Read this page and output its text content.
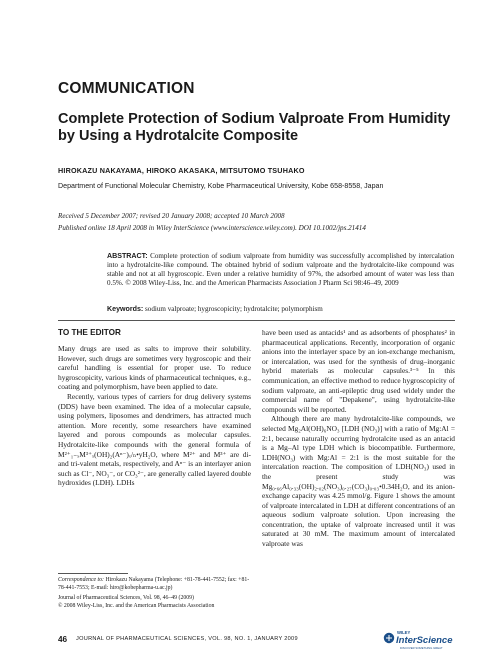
COMMUNICATION
Complete Protection of Sodium Valproate From Humidity by Using a Hydrotalcite Composite
HIROKAZU NAKAYAMA, HIROKO AKASAKA, MITSUTOMO TSUHAKO
Department of Functional Molecular Chemistry, Kobe Pharmaceutical University, Kobe 658-8558, Japan
Received 5 December 2007; revised 20 January 2008; accepted 10 March 2008
Published online 18 April 2008 in Wiley InterScience (www.interscience.wiley.com). DOI 10.1002/jps.21414
ABSTRACT: Complete protection of sodium valproate from humidity was successfully accomplished by intercalation into a hydrotalcite-like compound. The obtained hybrid of sodium valproate and the hydrotalcite-like compound was stable and not at all hygroscopic. Even under a relative humidity of 97%, the adsorbed amount of water was less than 0.5%. © 2008 Wiley-Liss, Inc. and the American Pharmacists Association J Pharm Sci 98:46–49, 2009
Keywords: sodium valproate; hygroscopicity; hydrotalcite; polymorphism
TO THE EDITOR

Many drugs are used as salts to improve their solubility. However, such drugs are sometimes very hygroscopic and their careful handling is essential for proper use. To reduce hygroscopicity, various kinds of pharmaceutical techniques, e.g., coating and polymorphism, have been applied to date.

Recently, various types of carriers for drug delivery systems (DDS) have been examined. The idea of a molecular capsule, using polymers, liposomes and dendrimers, has attracted much attention. More recently, some researchers have examined layered and porous compounds as molecular capsules. Hydrotalcite-like compounds with the general formula of M²⁺₁₋ₓM³⁺ₓ(OH)₂(Aⁿ⁻)ₓ/ₙ•yH₂O, where M²⁺ and M³⁺ are di- and tri-valent metals, respectively, and Aⁿ⁻ is an interlayer anion such as Cl⁻, NO₃⁻, or CO₃²⁻, are generally called layered double hydroxides (LDH). LDHs

have been used as antacids¹ and as adsorbents of phosphates² in pharmaceutical applications. Recently, incorporation of organic anions into the interlayer space by an ion-exchange mechanism, or intercalation, was used for the synthesis of drug–inorganic hybrid materials as molecular capsules.³⁻⁵ In this communication, an effective method to reduce hygroscopicity of sodium valproate, an anti-epileptic drug used widely under the commercial name of "Depakene", using hydrotalcite-like compounds will be reported.

Although there are many hydrotalcite-like compounds, we selected Mg₂Al(OH)₆NO₃ [LDH (NO₃)] with a ratio of Mg:Al = 2:1, because naturally occurring hydrotalcite used as an antacid is a Mg–Al type LDH which is biocompatible. Furthermore, LDH(NO₃) with Mg:Al = 2:1 is the most suitable for the intercalation reaction. The composition of LDH(NO₃) used in the present study was Mg₀.₆₆Al₀.₃₃(OH)₂.₀₂(NO₃)₀.₂₇(CO₃)₀.₀₃•0.34H₂O, and its anion-exchange capacity was 4.25 mmol/g. Figure 1 shows the amount of valproate intercalated in LDH at different concentrations of an aqueous sodium valproate solution. Upon increasing the concentration, the uptake of valproate increased until it was saturated at 30 mM. The maximum amount of intercalated valproate was

Correspondence to: Hirokazu Nakayama (Telephone: +81-78-441-7552; fax: +81-78-441-7553; E-mail: hiro@kobepharma-u.ac.jp)

Journal of Pharmaceutical Sciences, Vol. 98, 46–49 (2009)

© 2008 Wiley-Liss, Inc. and the American Pharmacists Association

46 JOURNAL OF PHARMACEUTICAL SCIENCES, VOL. 98, NO. 1, JANUARY 2009
WILEY
InterScience
DISCOVER SOMETHING GREAT
